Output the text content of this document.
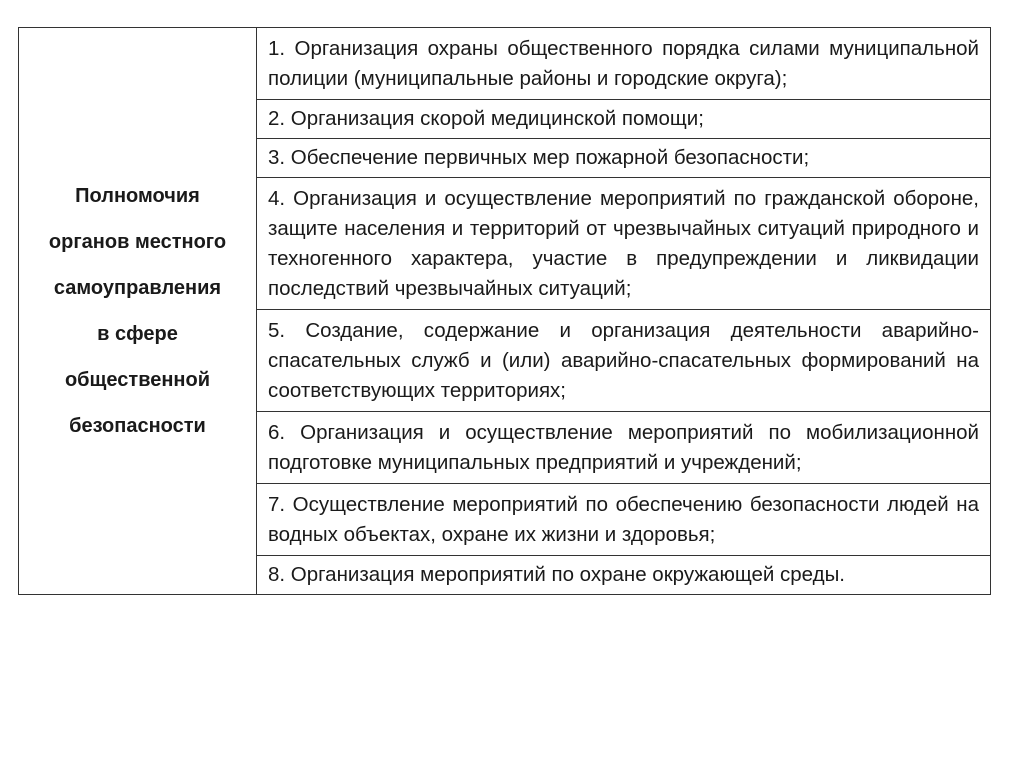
Полномочия
органов местного
самоуправления
в сфере
общественной
безопасности
	1. Организация охраны общественного порядка силами муниципальной полиции (муниципальные районы и городские округа);
2. Организация скорой медицинской помощи;
3. Обеспечение первичных мер пожарной безопасности;
4. Организация и осуществление мероприятий по гражданской обороне, защите населения и территорий от чрезвычайных ситуаций природного и техногенного характера, участие в предупреждении и ликвидации последствий чрезвычайных ситуаций;
5. Создание, содержание и организация деятельности аварийно-спасательных служб и (или) аварийно-спасательных формирований на соответствующих территориях;
6. Организация и осуществление мероприятий по мобилизационной подготовке муниципальных предприятий и учреждений;
7. Осуществление мероприятий по обеспечению безопасности людей на водных объектах, охране их жизни и здоровья;
8. Организация мероприятий по охране окружающей среды.
